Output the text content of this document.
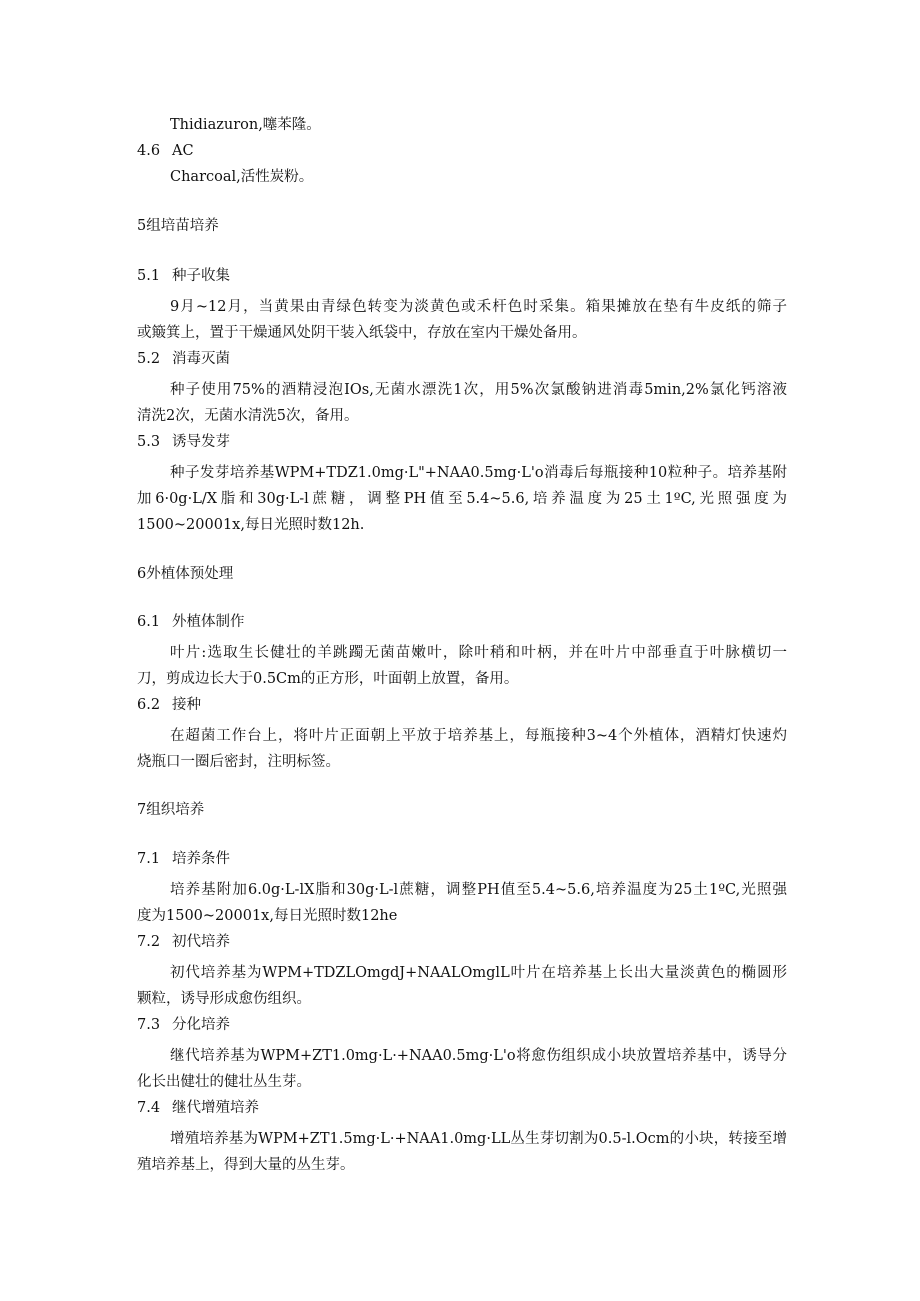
Thidiazuron,噻苯隆。
4.6 AC
Charcoal,活性炭粉。
5组培苗培养
5.1 种子收集
9月~12月，当黄果由青绿色转变为淡黄色或禾杆色时采集。箱果摊放在垫有牛皮纸的筛子
或簸箕上，置于干燥通风处阴干装入纸袋中，存放在室内干燥处备用。
5.2 消毒灭菌
种子使用75%的酒精浸泡IOs,无菌水漂洗1次，用5%次氯酸钠进消毒5min,2%氯化钙溶液
清洗2次，无菌水清洗5次，备用。
5.3 诱导发芽
种子发芽培养基WPM+TDZ1.0mg·L"+NAA0.5mg·L'o消毒后每瓶接种10粒种子。培养基附
加6·0g·L/X脂和30g·L-l蔗糖，调整PH值至5.4~5.6,培养温度为25土1ºC,光照强度为
1500~20001x,每日光照时数12h.
6外植体预处理
6.1 外植体制作
叶片:选取生长健壮的羊跳躅无菌苗嫩叶，除叶稍和叶柄，并在叶片中部垂直于叶脉横切一
刀，剪成边长大于0.5Cm的正方形，叶面朝上放置，备用。
6.2 接种
在超菌工作台上，将叶片正面朝上平放于培养基上，每瓶接种3~4个外植体，酒精灯快速灼
烧瓶口一圈后密封，注明标签。
7组织培养
7.1 培养条件
培养基附加6.0g·L-lX脂和30g·L-l蔗糖，调整PH值至5.4~5.6,培养温度为25土1ºC,光照强
度为1500~20001x,每日光照时数12he
7.2 初代培养
初代培养基为WPM+TDZLOmgdJ+NAALOmglL叶片在培养基上长出大量淡黄色的椭圆形
颗粒，诱导形成愈伤组织。
7.3 分化培养
继代培养基为WPM+ZT1.0mg·L·+NAA0.5mg·L'o将愈伤组织成小块放置培养基中，诱导分
化长出健壮的健壮丛生芽。
7.4 继代增殖培养
增殖培养基为WPM+ZT1.5mg·L·+NAA1.0mg·LL丛生芽切割为0.5-l.Ocm的小块，转接至增
殖培养基上，得到大量的丛生芽。
